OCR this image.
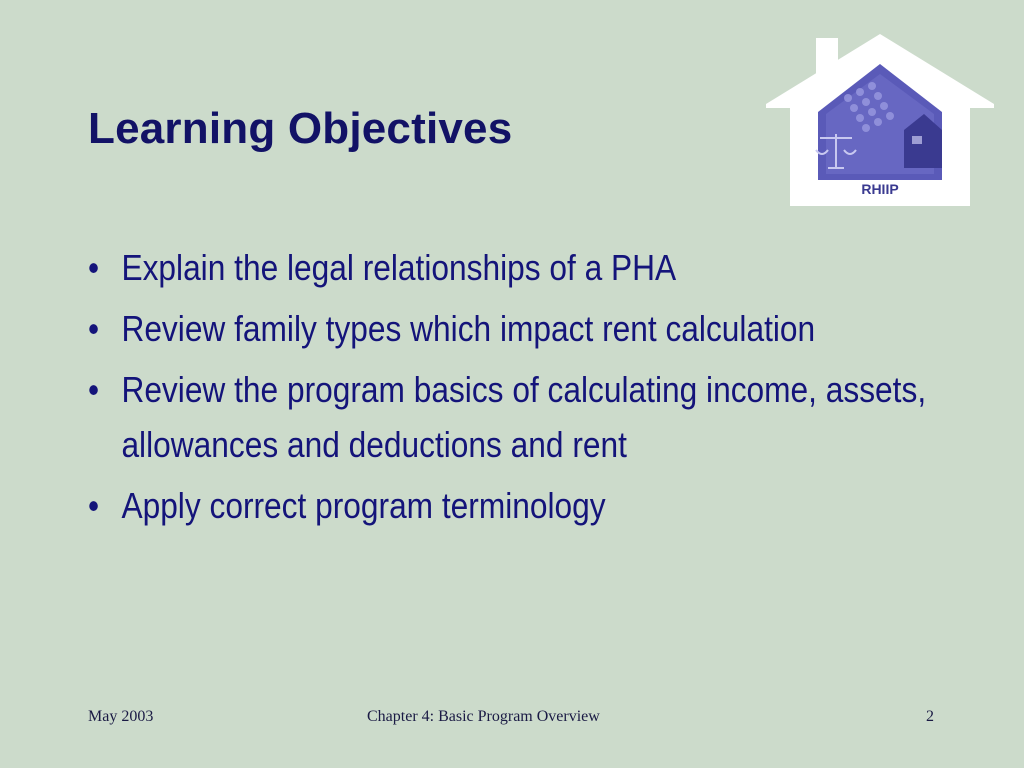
Learning Objectives
RHIIP
• Explain the legal relationships of a PHA
• Review family types which impact rent calculation
• Review the program basics of calculating income, assets, allowances and deductions and rent
• Apply correct program terminology
May 2003	Chapter 4: Basic Program Overview	2
